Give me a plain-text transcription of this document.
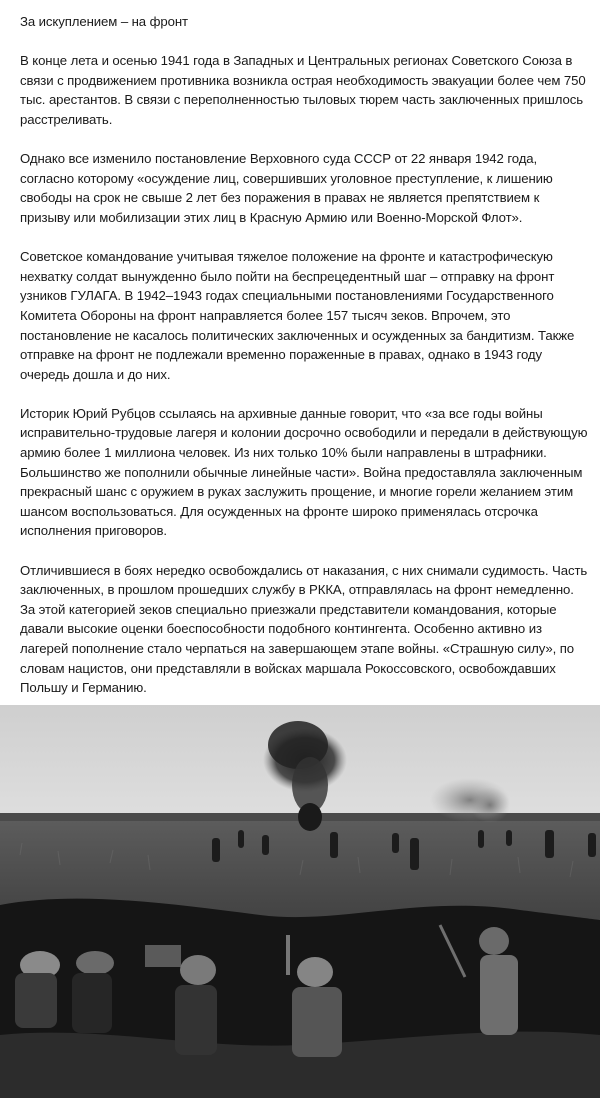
За искуплением – на фронт

В конце лета и осенью 1941 года в Западных и Центральных регионах Советского Союза в связи с продвижением противника возникла острая необходимость эвакуации более чем 750 тыс. арестантов. В связи с переполненностью тыловых тюрем часть заключенных пришлось расстреливать.

Однако все изменило постановление Верховного суда СССР от 22 января 1942 года, согласно которому «осуждение лиц, совершивших уголовное преступление, к лишению свободы на срок не свыше 2 лет без поражения в правах не является препятствием к призыву или мобилизации этих лиц в Красную Армию или Военно-Морской Флот».

Советское командование учитывая тяжелое положение на фронте и катастрофическую нехватку солдат вынужденно было пойти на беспрецедентный шаг – отправку на фронт узников ГУЛАГА. В 1942–1943 годах специальными постановлениями Государственного Комитета Обороны на фронт направляется более 157 тысяч зеков. Впрочем, это постановление не касалось политических заключенных и осужденных за бандитизм. Также отправке на фронт не подлежали временно пораженные в правах, однако в 1943 году очередь дошла и до них.

Историк Юрий Рубцов ссылаясь на архивные данные говорит, что «за все годы войны исправительно-трудовые лагеря и колонии досрочно освободили и передали в действующую армию более 1 миллиона человек. Из них только 10% были направлены в штрафники. Большинство же пополнили обычные линейные части». Война предоставляла заключенным прекрасный шанс с оружием в руках заслужить прощение, и многие горели желанием этим шансом воспользоваться. Для осужденных на фронте широко применялась отсрочка исполнения приговоров.

Отличившиеся в боях нередко освобождались от наказания, с них снимали судимость. Часть заключенных, в прошлом прошедших службу в РККА, отправлялась на фронт немедленно. За этой категорией зеков специально приезжали представители командования, которые давали высокие оценки боеспособности подобного контингента. Особенно активно из лагерей пополнение стало черпаться на завершающем этапе войны. «Страшную силу», по словам нацистов, они представляли в войсках маршала Рокоссовского, освобождавших Польшу и Германию.
